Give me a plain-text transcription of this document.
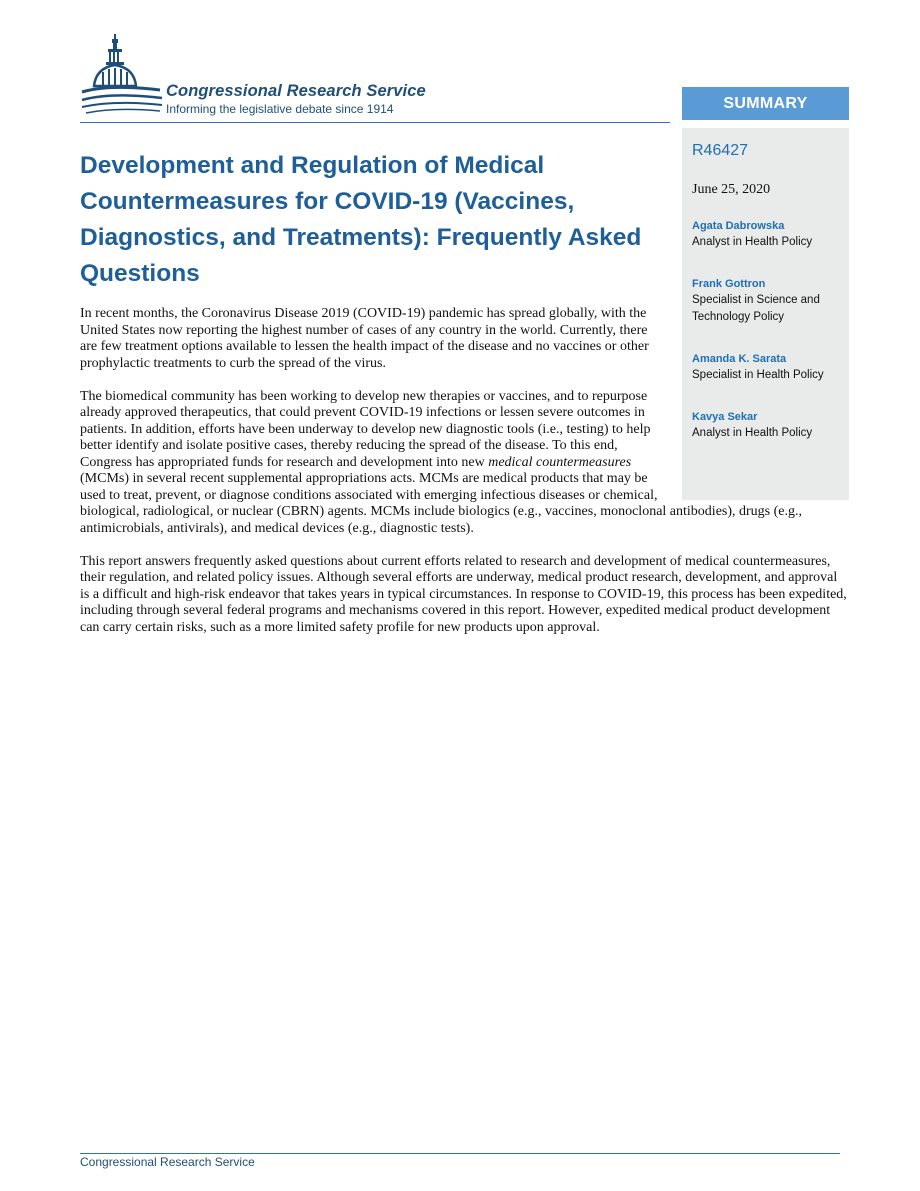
Congressional Research Service
Informing the legislative debate since 1914	SUMMARY
R46427
June 25, 2020
Agata Dabrowska
Analyst in Health Policy
Frank Gottron
Specialist in Science and Technology Policy
Amanda K. Sarata
Specialist in Health Policy
Kavya Sekar
Analyst in Health Policy
Development and Regulation of Medical Countermeasures for COVID-19 (Vaccines, Diagnostics, and Treatments): Frequently Asked Questions

In recent months, the Coronavirus Disease 2019 (COVID-19) pandemic has spread globally, with the United States now reporting the highest number of cases of any country in the world. Currently, there are few treatment options available to lessen the health impact of the disease and no vaccines or other prophylactic treatments to curb the spread of the virus.

The biomedical community has been working to develop new therapies or vaccines, and to repurpose already approved therapeutics, that could prevent COVID-19 infections or lessen severe outcomes in patients. In addition, efforts have been underway to develop new diagnostic tools (i.e., testing) to help better identify and isolate positive cases, thereby reducing the spread of the disease. To this end, Congress has appropriated funds for research and development into new medical countermeasures (MCMs) in several recent supplemental appropriations acts. MCMs are medical products that may be used to treat, prevent, or diagnose conditions associated with emerging infectious diseases or chemical, biological, radiological, or nuclear (CBRN) agents. MCMs include biologics (e.g., vaccines, monoclonal antibodies), drugs (e.g., antimicrobials, antivirals), and medical devices (e.g., diagnostic tests).

This report answers frequently asked questions about current efforts related to research and development of medical countermeasures, their regulation, and related policy issues. Although several efforts are underway, medical product research, development, and approval is a difficult and high-risk endeavor that takes years in typical circumstances. In response to COVID-19, this process has been expedited, including through several federal programs and mechanisms covered in this report. However, expedited medical product development can carry certain risks, such as a more limited safety profile for new products upon approval.

Congressional Research Service
